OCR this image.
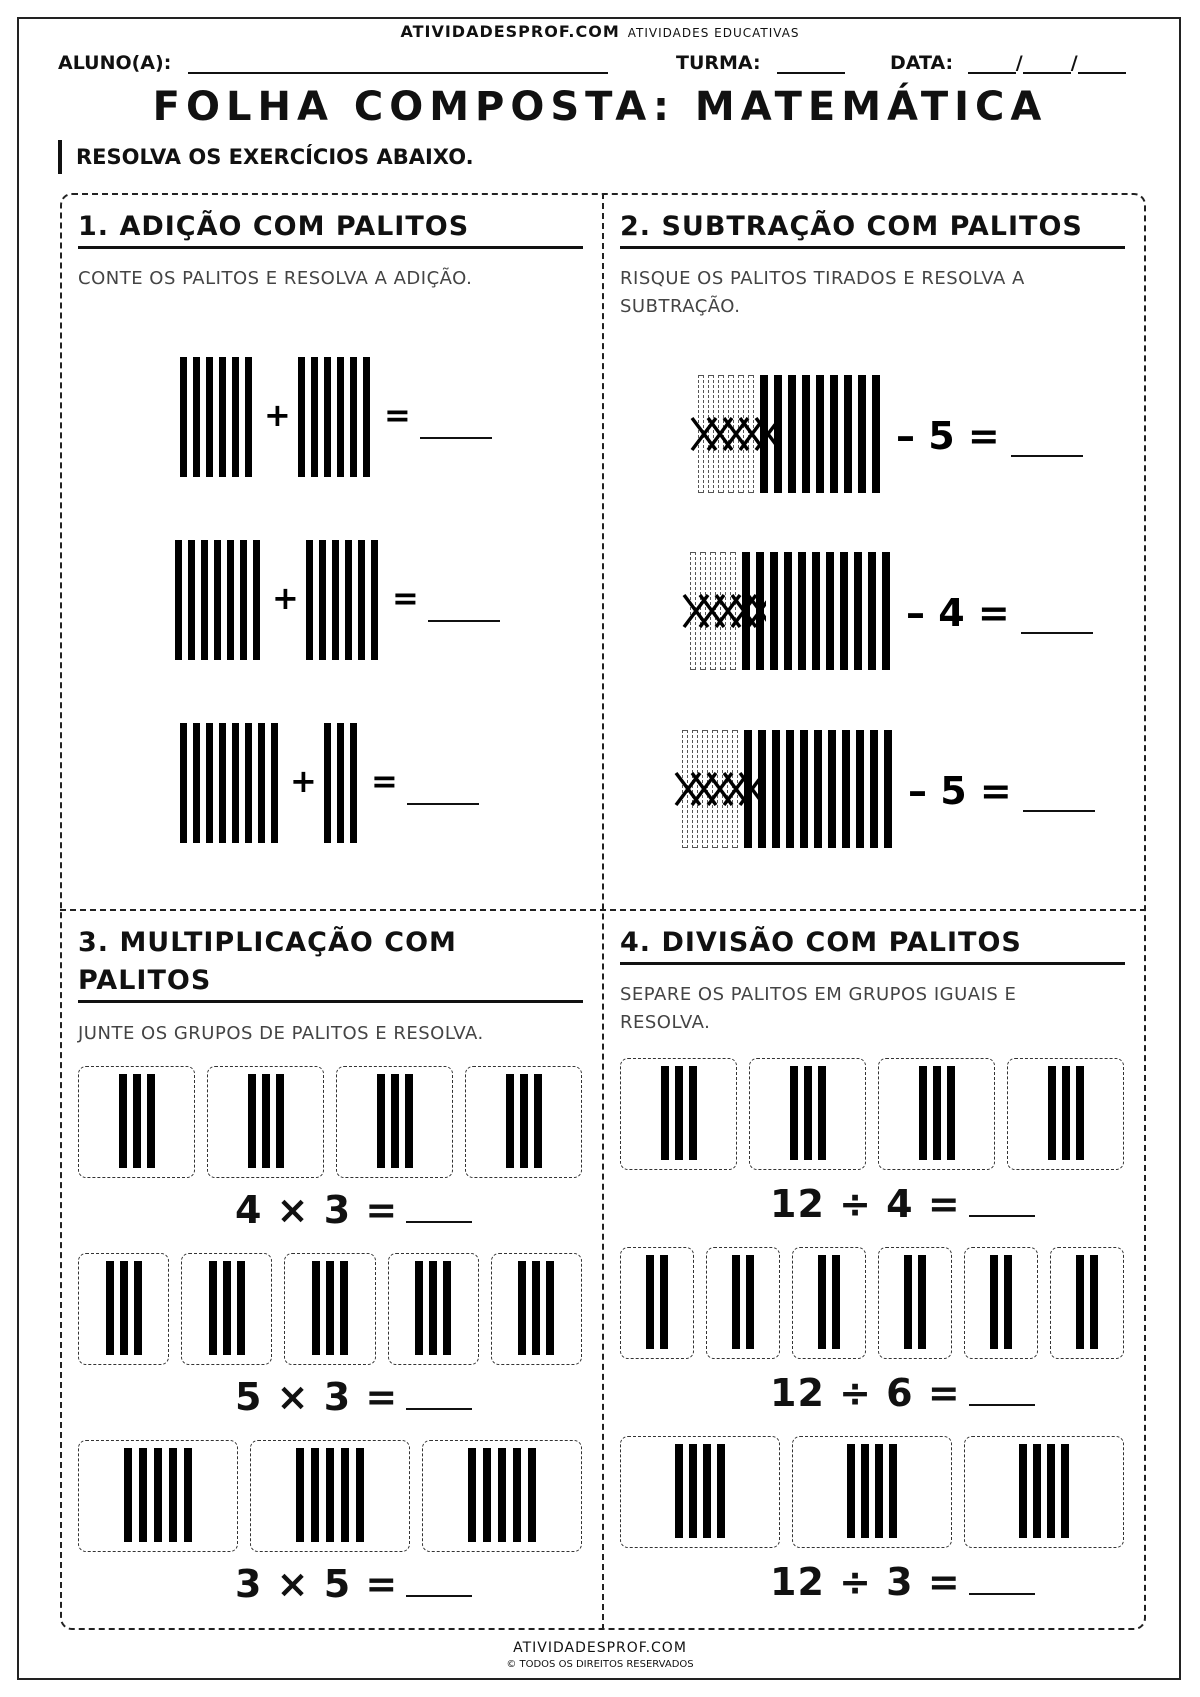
ATIVIDADESPROF.COM ATIVIDADES EDUCATIVAS
ALUNO(A):	TURMA:	DATA:	/	/
FOLHA COMPOSTA: MATEMÁTICA
RESOLVA OS EXERCÍCIOS ABAIXO.
1. ADIÇÃO COM PALITOS
CONTE OS PALITOS E RESOLVA A ADIÇÃO.
2. SUBTRAÇÃO COM PALITOS
RISQUE OS PALITOS TIRADOS E RESOLVA A SUBTRAÇÃO.
3. MULTIPLICAÇÃO COM PALITOS
JUNTE OS GRUPOS DE PALITOS E RESOLVA.
4. DIVISÃO COM PALITOS
SEPARE OS PALITOS EM GRUPOS IGUAIS E RESOLVA.
+	=
+	=
+ =
– 5 =
– 4 =
– 5 =
4 × 3 =
5 × 3 =
3 × 5 =
12 ÷ 4 =
12 ÷ 6 =
12 ÷ 3 =
ATIVIDADESPROF.COM
© TODOS OS DIREITOS RESERVADOS
